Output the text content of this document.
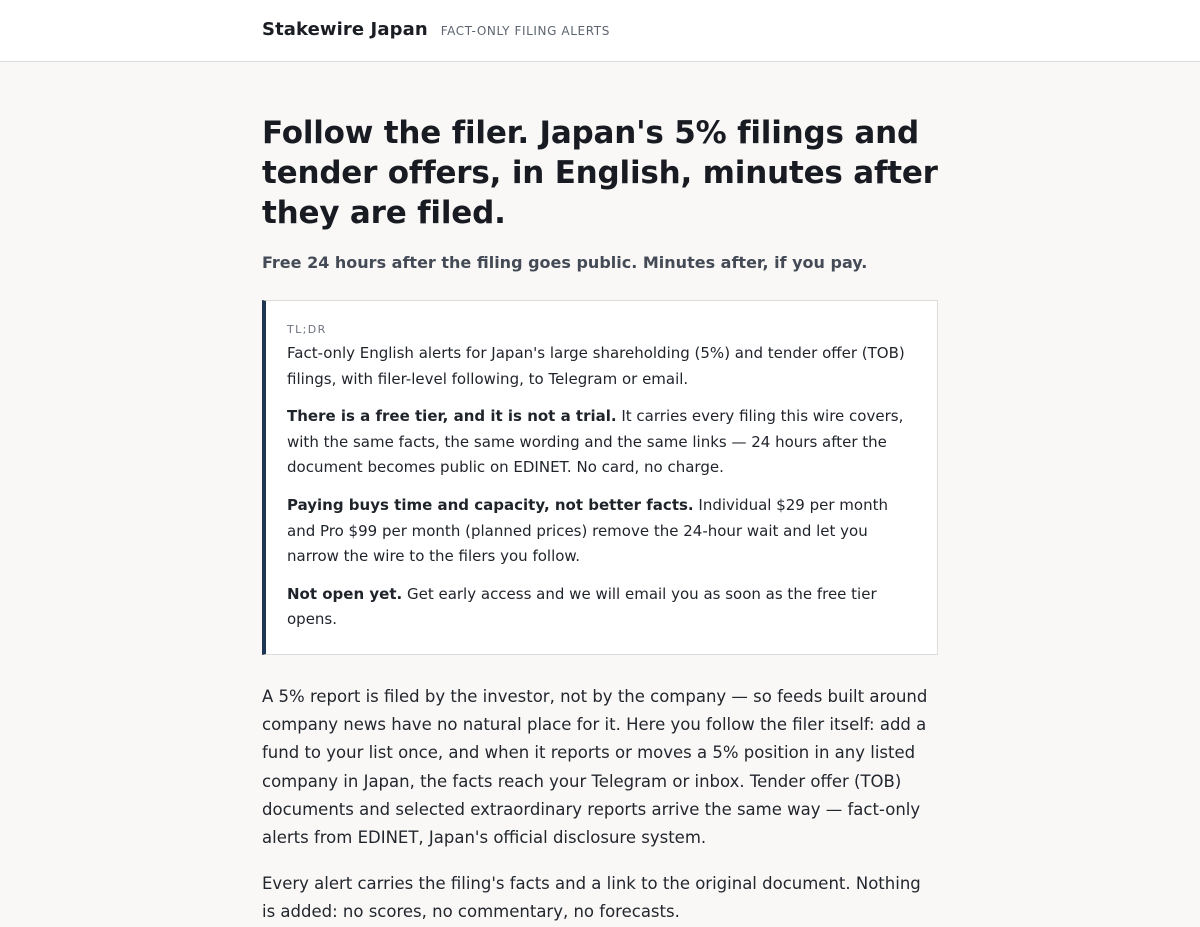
Stakewire Japan FACT-ONLY FILING ALERTS
Follow the filer. Japan's 5% filings and tender offers, in English, minutes after they are filed.

Free 24 hours after the filing goes public. Minutes after, if you pay.

TL;DR

Fact-only English alerts for Japan's large shareholding (5%) and tender offer (TOB) filings, with filer-level following, to Telegram or email.

There is a free tier, and it is not a trial. It carries every filing this wire covers, with the same facts, the same wording and the same links — 24 hours after the document becomes public on EDINET. No card, no charge.

Paying buys time and capacity, not better facts. Individual $29 per month and Pro $99 per month (planned prices) remove the 24-hour wait and let you narrow the wire to the filers you follow.

Not open yet. Get early access and we will email you as soon as the free tier opens.

A 5% report is filed by the investor, not by the company — so feeds built around company news have no natural place for it. Here you follow the filer itself: add a fund to your list once, and when it reports or moves a 5% position in any listed company in Japan, the facts reach your Telegram or inbox. Tender offer (TOB) documents and selected extraordinary reports arrive the same way — fact-only alerts from EDINET, Japan's official disclosure system.

Every alert carries the filing's facts and a link to the original document. Nothing is added: no scores, no commentary, no forecasts.
